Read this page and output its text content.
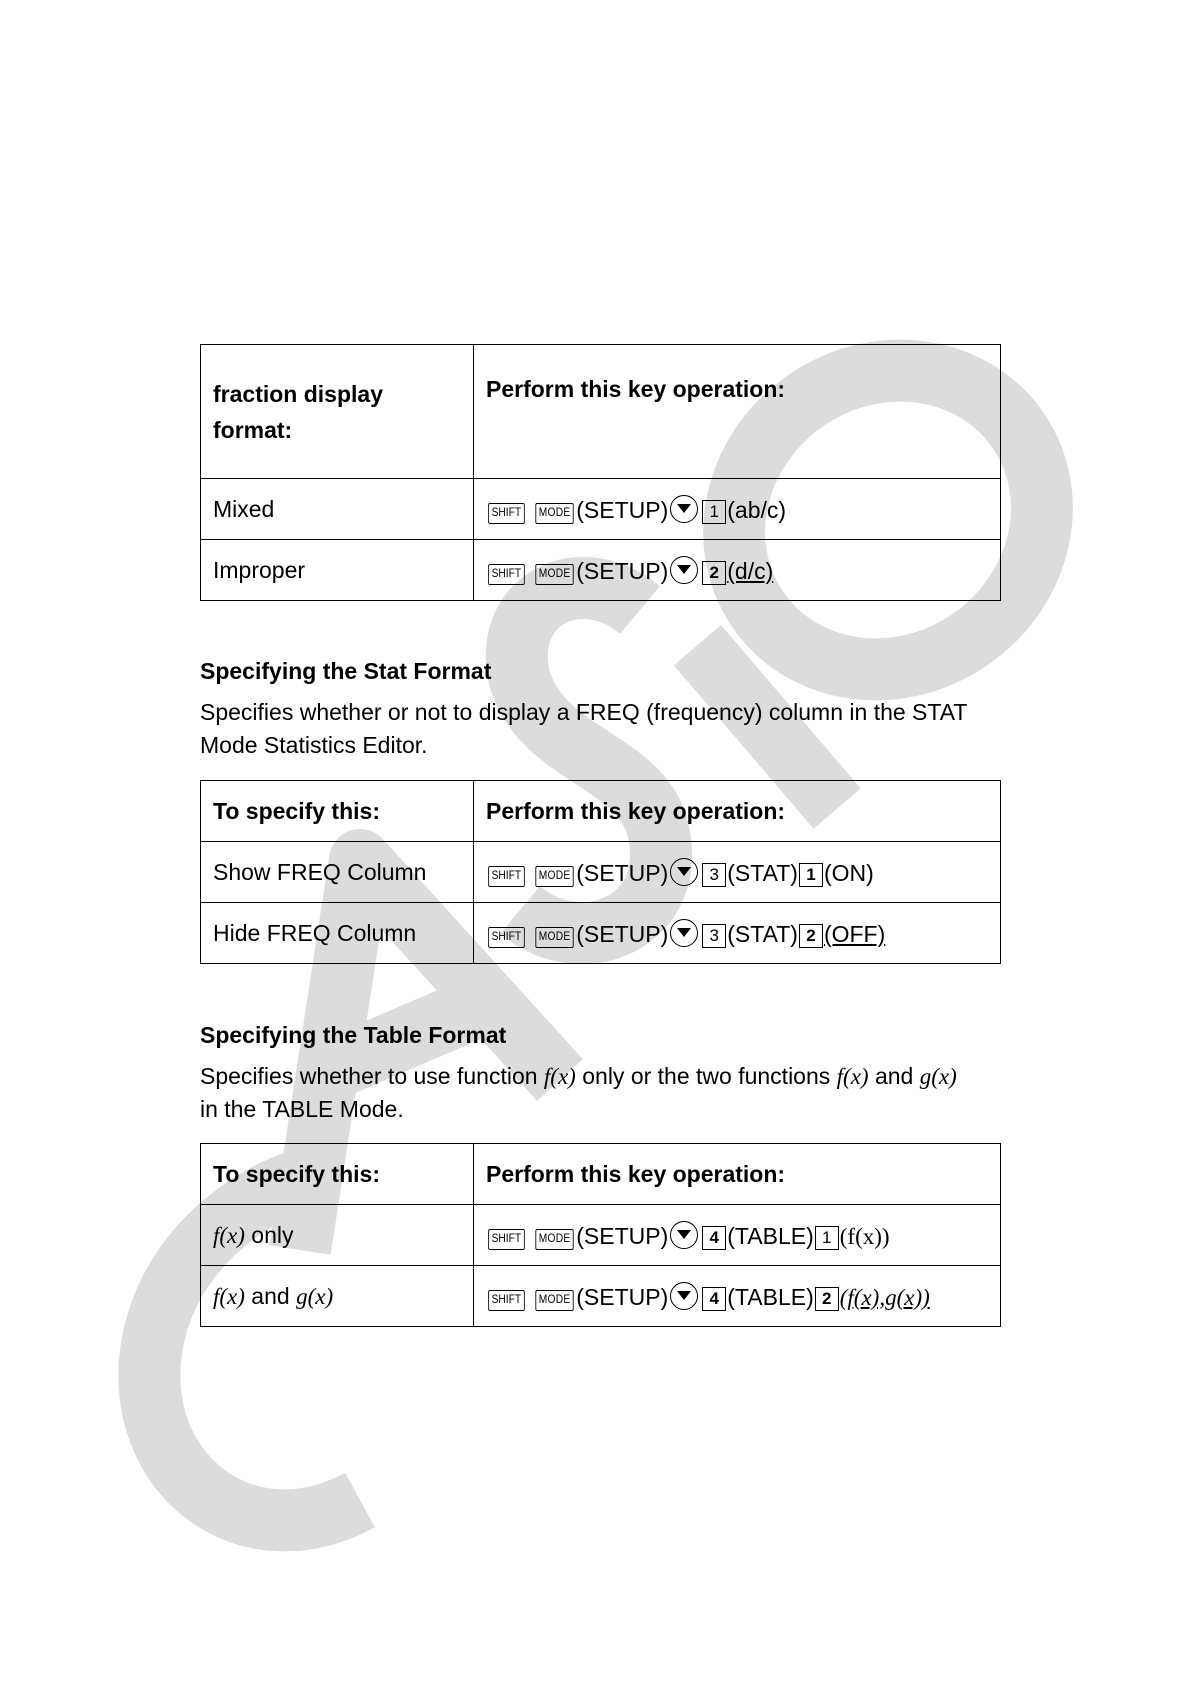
fraction display format:	Perform this key operation:

Mixed	SHIFT MODE (SETUP) 1 (ab/c)
Improper	SHIFT MODE (SETUP) 2 (d/c)
Specifying the Stat Format
Specifies whether or not to display a FREQ (frequency) column in the STAT Mode Statistics Editor.
To specify this:	Perform this key operation:
Show FREQ Column	SHIFT MODE (SETUP) 3 (STAT) 1 (ON)
Hide FREQ Column	SHIFT MODE (SETUP) 3 (STAT) 2 (OFF)
Specifying the Table Format
Specifies whether to use function f(x) only or the two functions f(x) and g(x)
in the TABLE Mode.
To specify this:	Perform this key operation:
f(x) only	SHIFT MODE (SETUP) 4 (TABLE) 1 (f(x))
f(x) and g(x)	SHIFT MODE (SETUP) 4 (TABLE) 2 (f(x),g(x))
